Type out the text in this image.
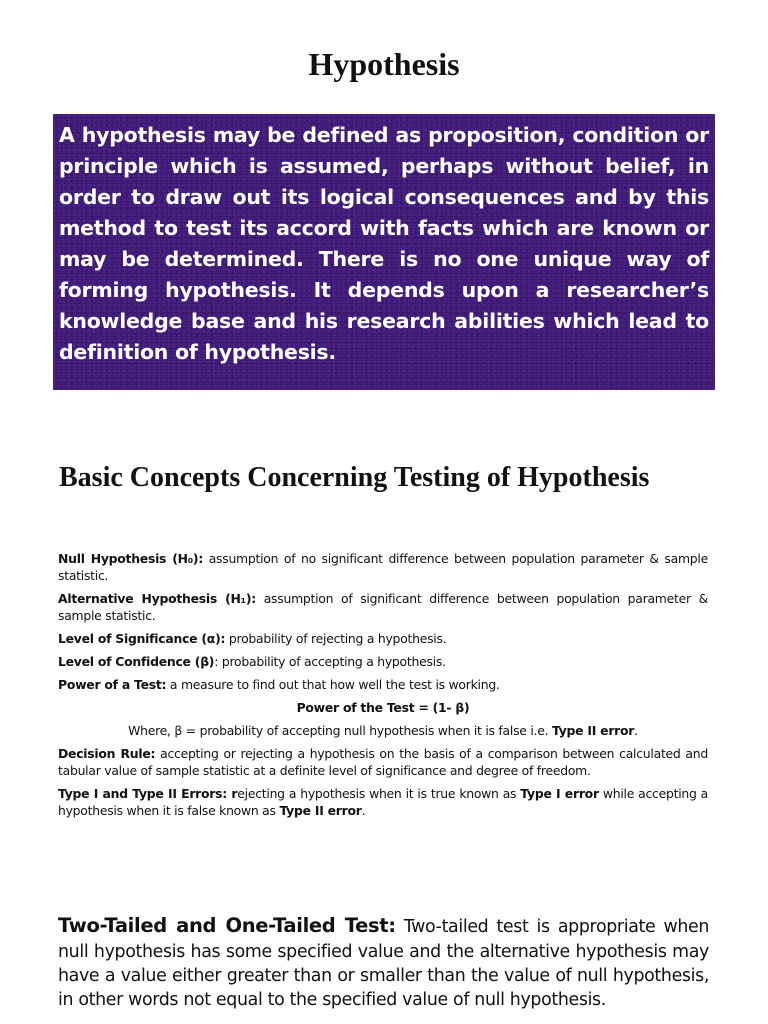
Hypothesis
A hypothesis may be defined as proposition, condition or principle which is assumed, perhaps without belief, in order to draw out its logical consequences and by this method to test its accord with facts which are known or may be determined. There is no one unique way of forming hypothesis. It depends upon a researcher’s knowledge base and his research abilities which lead to definition of hypothesis.
Basic Concepts Concerning Testing of Hypothesis

Null Hypothesis (H₀): assumption of no significant difference between population parameter & sample statistic.

Alternative Hypothesis (H₁): assumption of significant difference between population parameter & sample statistic.

Level of Significance (α): probability of rejecting a hypothesis.

Level of Confidence (β): probability of accepting a hypothesis.

Power of a Test: a measure to find out that how well the test is working.

Power of the Test = (1- β)

Where, β = probability of accepting null hypothesis when it is false i.e. Type II error.

Decision Rule: accepting or rejecting a hypothesis on the basis of a comparison between calculated and tabular value of sample statistic at a definite level of significance and degree of freedom.

Type I and Type II Errors: rejecting a hypothesis when it is true known as Type I error while accepting a hypothesis when it is false known as Type II error.

Two-Tailed and One-Tailed Test: Two-tailed test is appropriate when null hypothesis has some specified value and the alternative hypothesis may have a value either greater than or smaller than the value of null hypothesis, in other words not equal to the specified value of null hypothesis.
